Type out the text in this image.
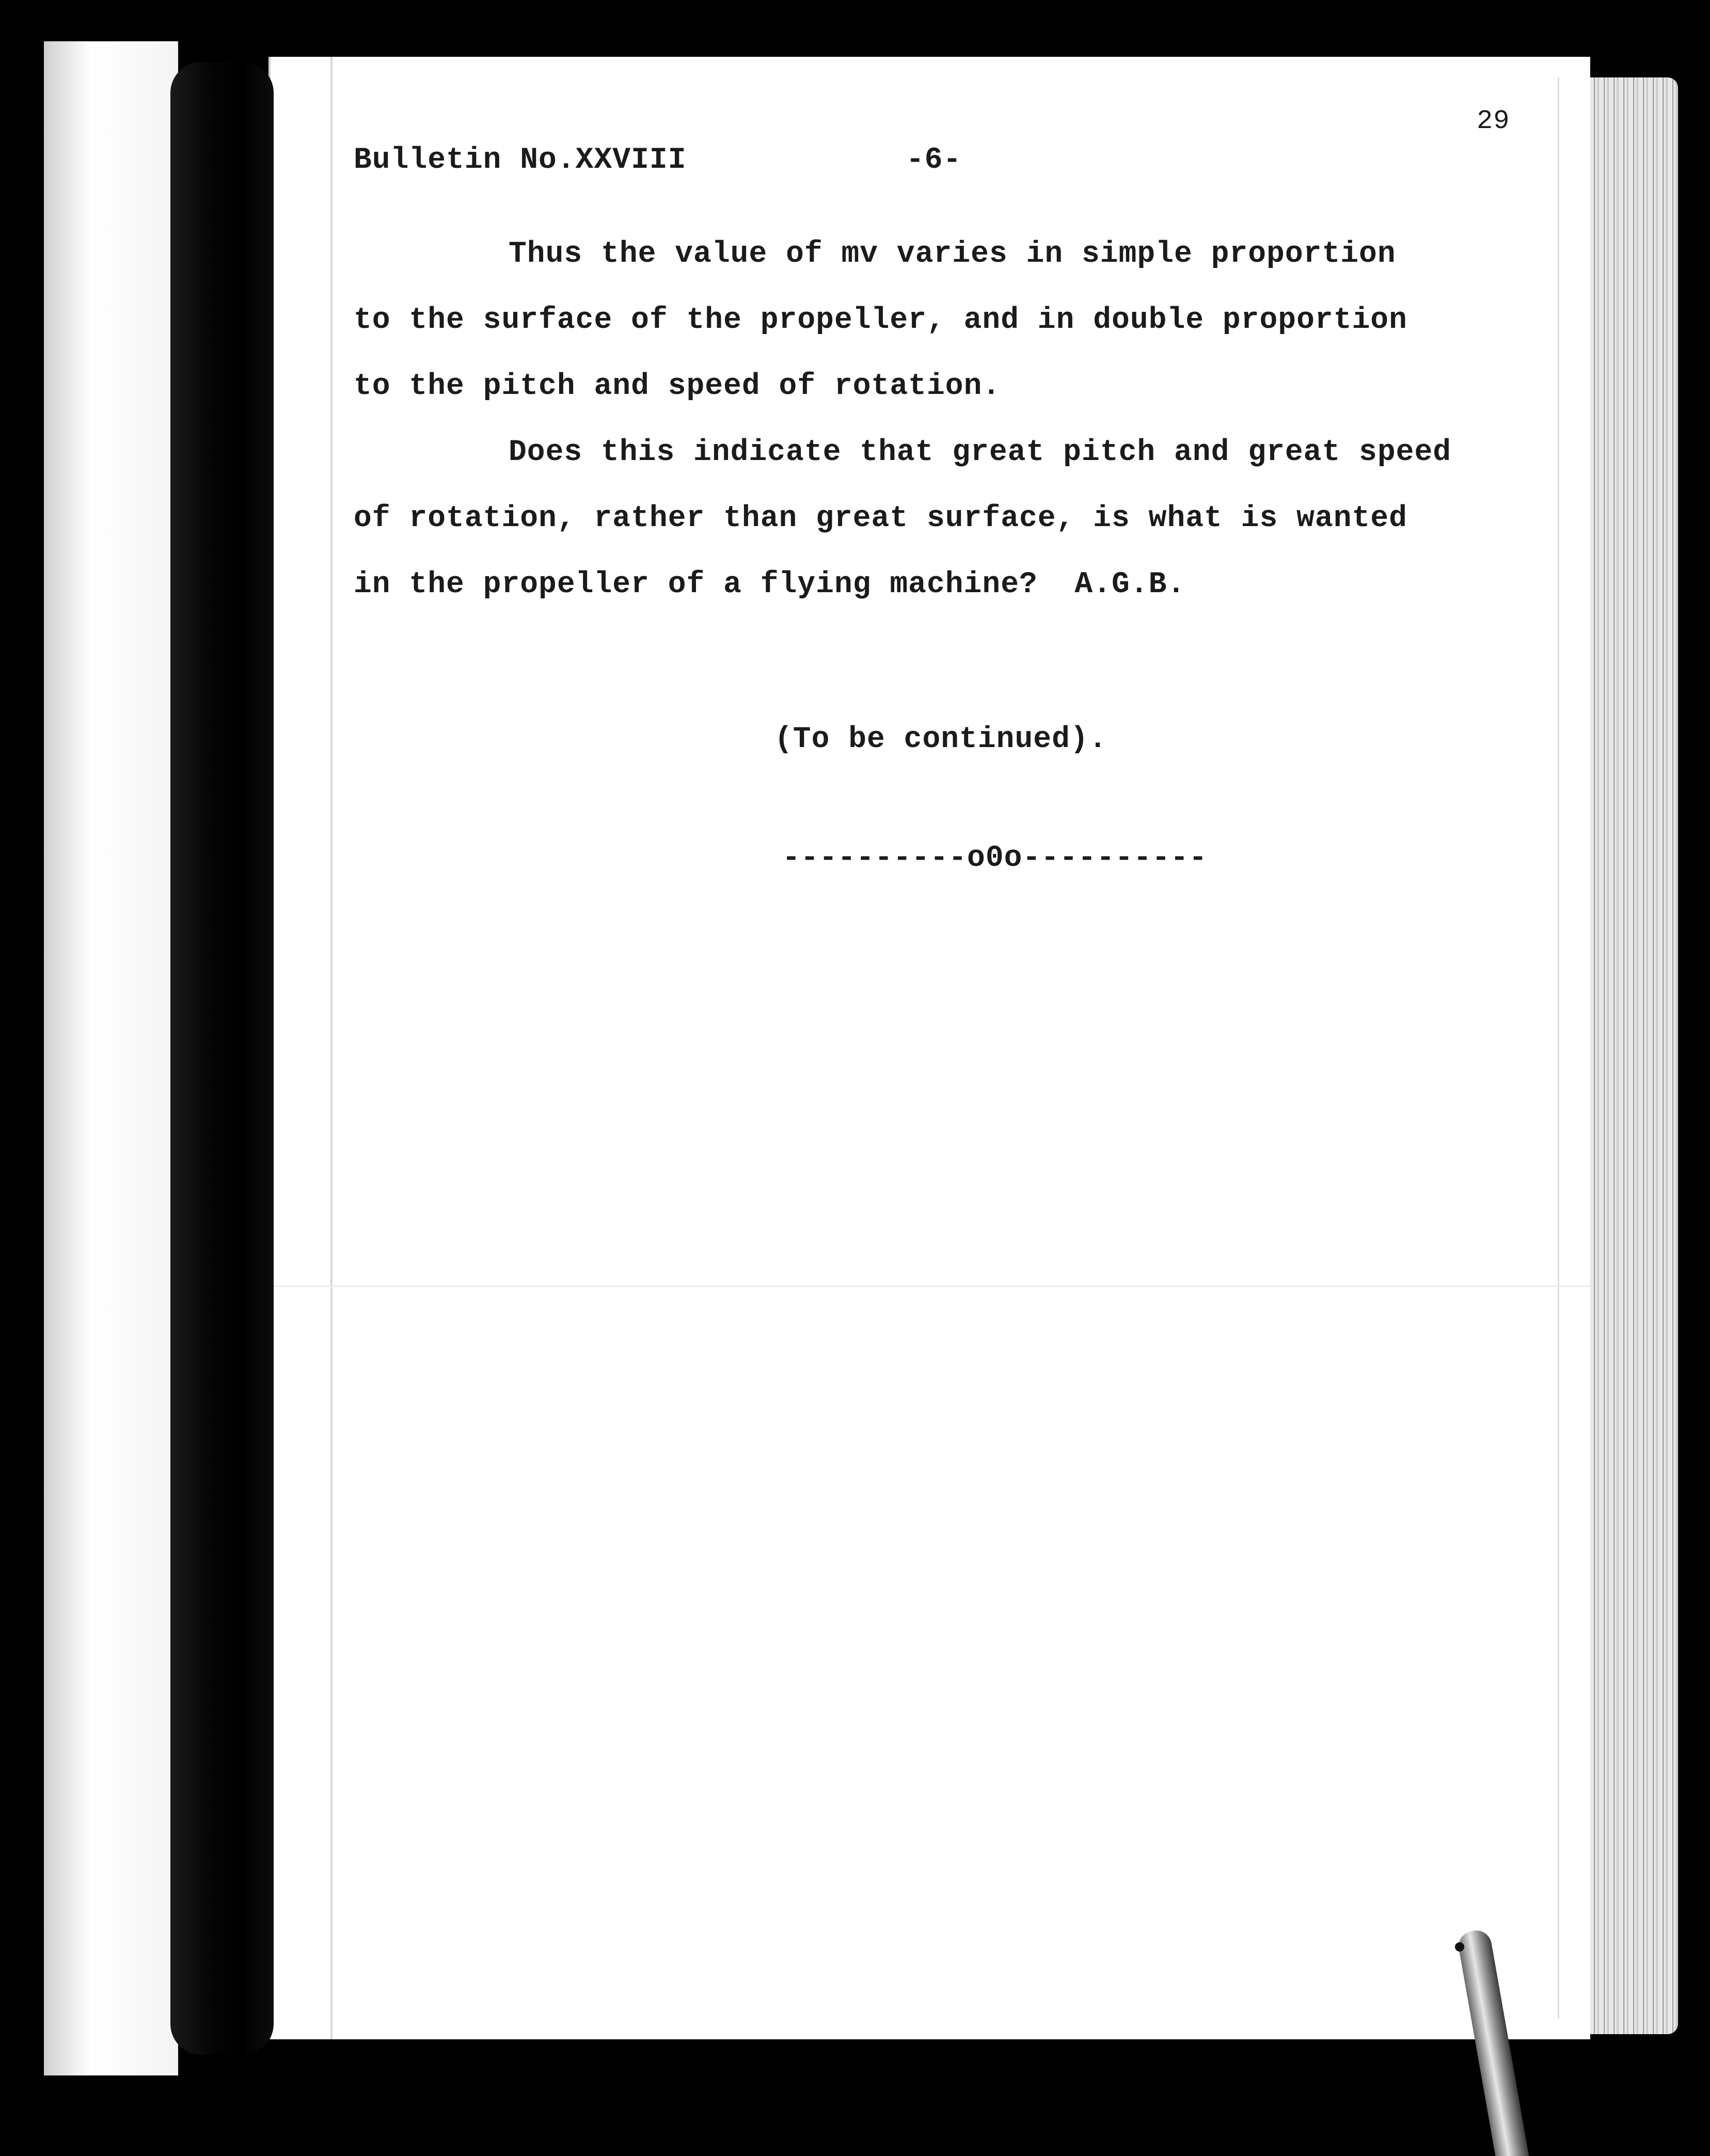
29
Bulletin No.XXVIII	-6-
Thus the value of mv varies in simple proportion
to the surface of the propeller, and in double proportion
to the pitch and speed of rotation.
Does this indicate that great pitch and great speed
of rotation, rather than great surface, is what is wanted
in the propeller of a flying machine?  A.G.B.
(To be continued).
----------o0o----------
